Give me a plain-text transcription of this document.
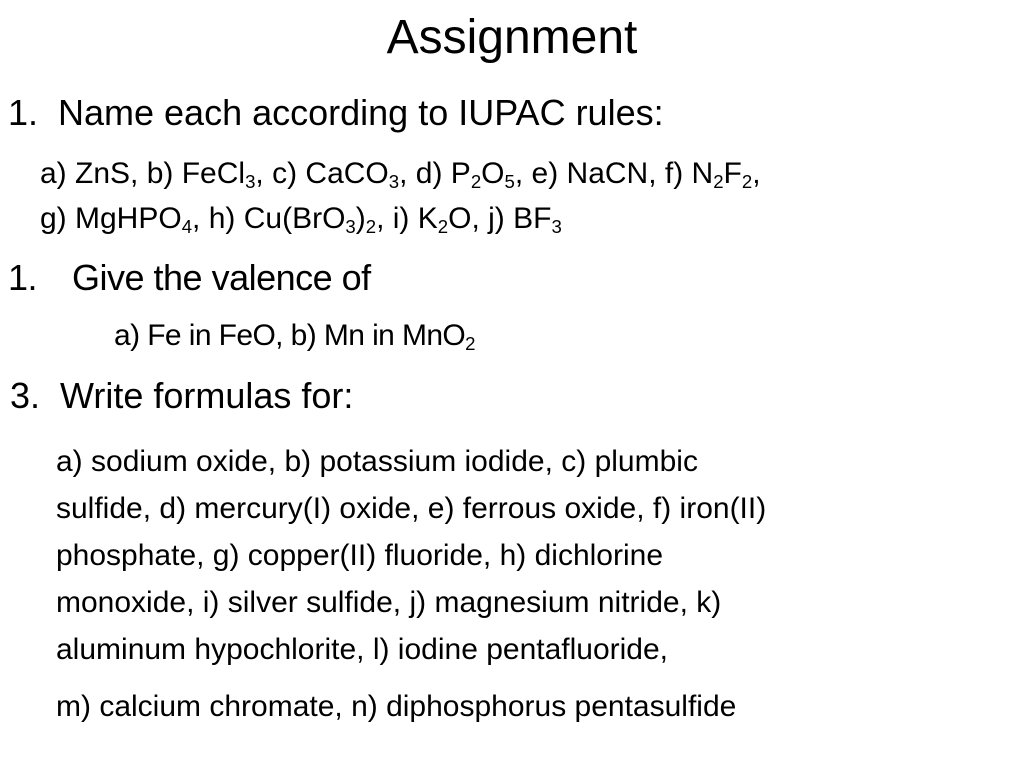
Assignment
1. Name each according to IUPAC rules:
a) ZnS, b) FeCl$_3$, c) CaCO$_3$, d) $P_2O_5$, e) NaCN, f) $N_2F_2$,
g) MgHPO$_4$, h) $Cu(BrO_3)_2$, i) $K_2O$, j) $BF_3$
1. Give the valence of
a) Fe in FeO, b) Mn in MnO$_2$
3. Write formulas for:
a) sodium oxide, b) potassium iodide, c) plumbic
sulfide, d) mercury(I) oxide, e) ferrous oxide, f) iron(II)
phosphate, g) copper(II) fluoride, h) dichlorine
monoxide, i) silver sulfide, j) magnesium nitride, k)
aluminum hypochlorite, l) iodine pentafluoride,
m) calcium chromate, n) diphosphorus pentasulfide
